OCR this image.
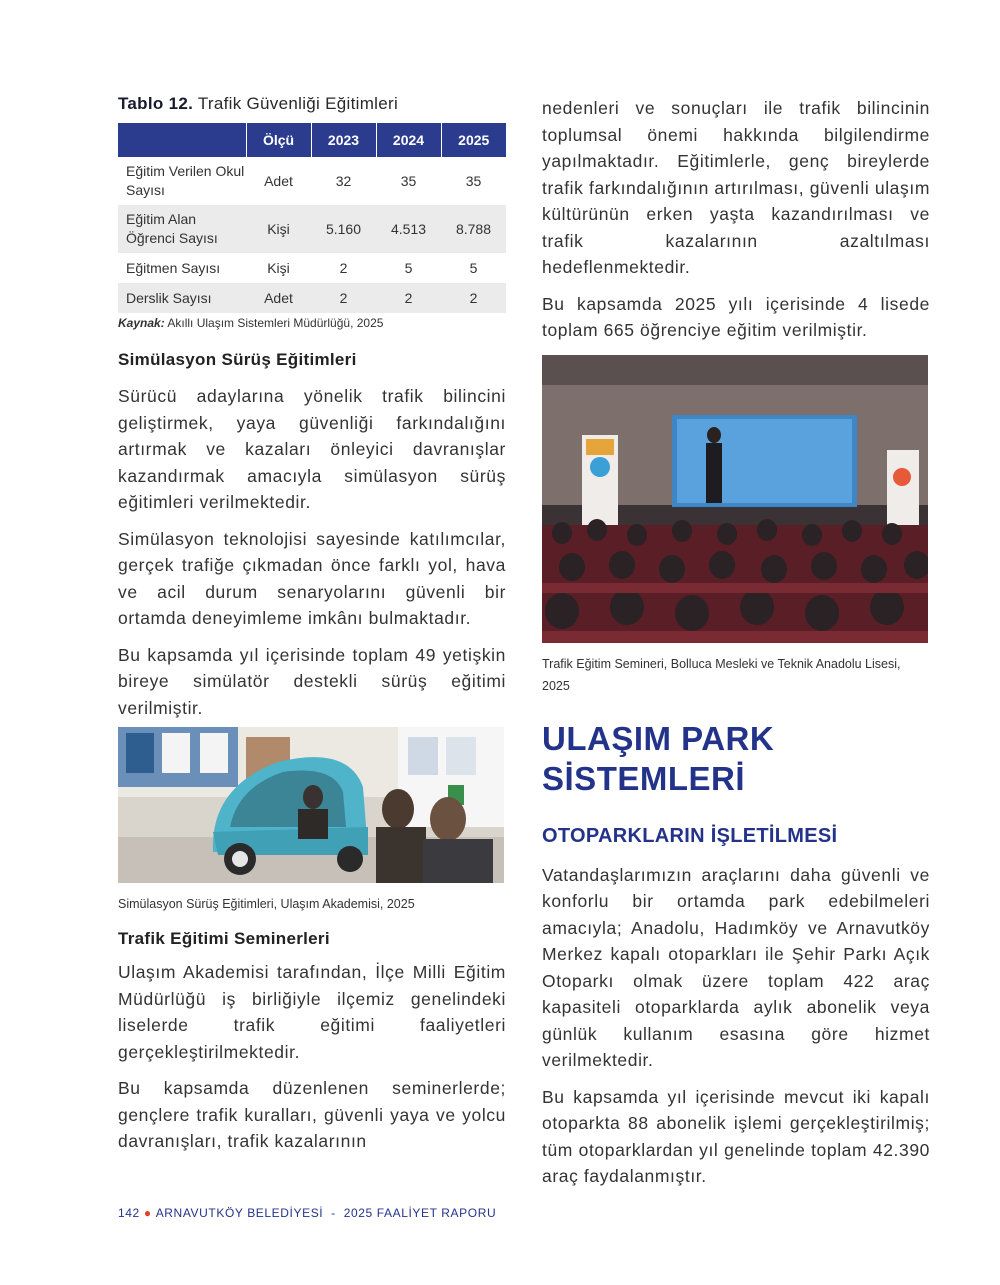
Tablo 12. Trafik Güvenliği Eğitimleri
	Ölçü	2023	2024	2025
Eğitim Verilen Okul Sayısı	Adet	32	35	35
Eğitim Alan Öğrenci Sayısı	Kişi	5.160	4.513	8.788
Eğitmen Sayısı	Kişi	2	5	5
Derslik Sayısı	Adet	2	2	2
Kaynak: Akıllı Ulaşım Sistemleri Müdürlüğü, 2025
Simülasyon Sürüş Eğitimleri

Sürücü adaylarına yönelik trafik bilincini geliştirmek, yaya güvenliği farkındalığını artırmak ve kazaları önleyici davranışlar kazandırmak amacıyla simülasyon sürüş eğitimleri verilmektedir.

Simülasyon teknolojisi sayesinde katılımcılar, gerçek trafiğe çıkmadan önce farklı yol, hava ve acil durum senaryolarını güvenli bir ortamda deneyimleme imkânı bulmaktadır.

Bu kapsamda yıl içerisinde toplam 49 yetişkin bireye simülatör destekli sürüş eğitimi verilmiştir.

Simülasyon Sürüş Eğitimleri, Ulaşım Akademisi, 2025
Trafik Eğitimi Seminerleri

Ulaşım Akademisi tarafından, İlçe Milli Eğitim Müdürlüğü iş birliğiyle ilçemiz genelindeki liselerde trafik eğitimi faaliyetleri gerçekleştirilmektedir.

Bu kapsamda düzenlenen seminerlerde; gençlere trafik kuralları, güvenli yaya ve yolcu davranışları, trafik kazalarının

nedenleri ve sonuçları ile trafik bilincinin toplumsal önemi hakkında bilgilendirme yapılmaktadır. Eğitimlerle, genç bireylerde trafik farkındalığının artırılması, güvenli ulaşım kültürünün erken yaşta kazandırılması ve trafik kazalarının azaltılması hedeflenmektedir.

Bu kapsamda 2025 yılı içerisinde 4 lisede toplam 665 öğrenciye eğitim verilmiştir.

Trafik Eğitim Semineri, Bolluca Mesleki ve Teknik Anadolu Lisesi, 2025
ULAŞIM PARK
SİSTEMLERİ
OTOPARKLARIN İŞLETİLMESİ

Vatandaşlarımızın araçlarını daha güvenli ve konforlu bir ortamda park edebilmeleri amacıyla; Anadolu, Hadımköy ve Arnavutköy Merkez kapalı otoparkları ile Şehir Parkı Açık Otoparkı olmak üzere toplam 422 araç kapasiteli otoparklarda aylık abonelik veya günlük kullanım esasına göre hizmet verilmektedir.

Bu kapsamda yıl içerisinde mevcut iki kapalı otoparkta 88 abonelik işlemi gerçekleştirilmiş; tüm otoparklardan yıl genelinde toplam 42.390 araç faydalanmıştır.

142 ● ARNAVUTKÖY BELEDİYESİ - 2025 FAALİYET RAPORU
